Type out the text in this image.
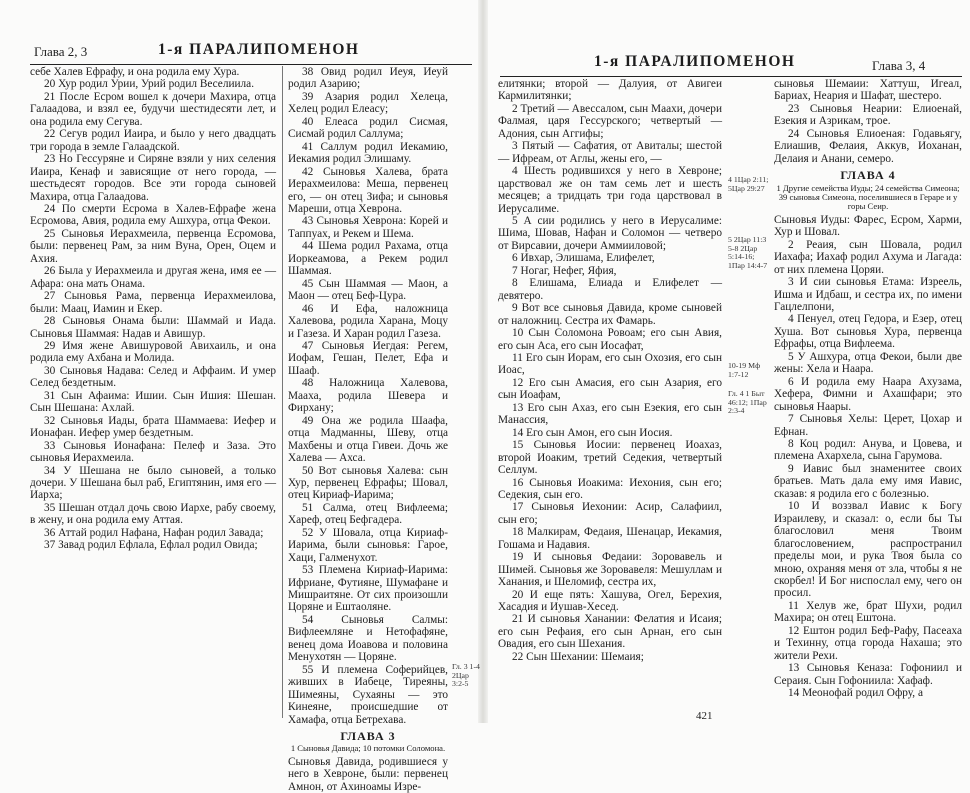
Глава 2, 3	1-я ПАРАЛИПОМЕНОН

себе Халев Ефрафу, и она родила ему Хура.

20 Хур родил Урии, Урий родил Веселиила.

21 После Есром вошел к дочери Махира, отца Галаадова, и взял ее, будучи шестидесяти лет, и она родила ему Сегува.

22 Сегув родил Иаира, и было у него двадцать три города в земле Галаадской.

23 Но Гессуряне и Сиряне взяли у них селения Иаира, Кенаф и зависящие от него города, — шестьдесят городов. Все эти города сыновей Махира, отца Галаадова.

24 По смерти Есрома в Халев-Ефрафе жена Есромова, Авия, родила ему Ашхура, отца Фекои.

25 Сыновья Иерахмеила, первенца Есромова, были: первенец Рам, за ним Вуна, Орен, Оцем и Ахия.

26 Была у Иерахмеила и другая жена, имя ее — Афара: она мать Онама.

27 Сыновья Рама, первенца Иерахмеилова, были: Маац, Иамин и Екер.

28 Сыновья Онама были: Шаммай и Иада. Сыновья Шаммая: Надав и Авишур.

29 Имя жене Авишуровой Авихаиль, и она родила ему Ахбана и Молида.

30 Сыновья Надава: Селед и Аффаим. И умер Селед бездетным.

31 Сын Афаима: Ишии. Сын Ишия: Шешан. Сын Шешана: Ахлай.

32 Сыновья Иады, брата Шаммаева: Иефер и Ионафан. Иефер умер бездетным.

33 Сыновья Ионафана: Пелеф и Заза. Это сыновья Иерахмеила.

34 У Шешана не было сыновей, а только дочери. У Шешана был раб, Египтянин, имя его — Иарха;

35 Шешан отдал дочь свою Иархе, рабу своему, в жену, и она родила ему Аттая.

36 Аттай родил Нафана, Нафан родил Завада;

37 Завад родил Ефлала, Ефлал родил Овида;

38 Овид родил Иеуя, Иеуй родил Азарию;

39 Азария родил Хелеца, Хелец родил Елеасу;

40 Елеаса родил Сисмая, Сисмай родил Саллума;

41 Саллум родил Иекамию, Иекамия родил Элишаму.

42 Сыновья Халева, брата Иерахмеилова: Меша, первенец его, — он отец Зифа; и сыновья Мареши, отца Хеврона.

43 Сыновья Хеврона: Корей и Таппуах, и Рекем и Шема.

44 Шема родил Рахама, отца Иоркеамова, а Рекем родил Шаммая.

45 Сын Шаммая — Маон, а Маон — отец Беф-Цура.

46 И Ефа, наложница Халевова, родила Харана, Моцу и Газеза. И Харан родил Газеза.

47 Сыновья Иегдая: Регем, Иофам, Гешан, Пелет, Ефа и Шааф.

48 Наложница Халевова, Мааха, родила Шевера и Фирхану;

49 Она же родила Шаафа, отца Мадманны, Шеву, отца Махбены и отца Гивеи. Дочь же Халева — Ахса.

50 Вот сыновья Халева: сын Хур, первенец Ефрафы; Шовал, отец Кириаф-Иарима;

51 Салма, отец Вифлеема; Хареф, отец Бефгадера.

52 У Шовала, отца Кириаф-Иарима, были сыновья: Гарое, Хаци, Галменухот.

53 Племена Кириаф-Иарима: Ифриане, Футияне, Шумафане и Мишраитяне. От сих произошли Цоряне и Ештаоляне.

54 Сыновья Салмы: Вифлеемляне и Нетофафяне, венец дома Иоавова и половина Менухотян — Цоряне.

55 И племена Соферийцев, живших в Иабеце, Тиреяны, Шимеяны, Сухаяны — это Кинеяне, происшедшие от Хамафа, отца Бетрехава.

ГЛАВА 3

1 Сыновья Давида; 10 потомки Соломона.

Сыновья Давида, родившиеся у него в Хевроне, были: первенец Амнон, от Ахиноамы Изре-

Гл. 3 1-4 2Цар 3:2-5
1-я ПАРАЛИПОМЕНОН	Глава 3, 4

елитянки; второй — Далуия, от Авигеи Кармилитянки;

2 Третий — Авессалом, сын Маахи, дочери Фалмая, царя Гессурского; четвертый — Адония, сын Аггифы;

3 Пятый — Сафатия, от Авиталы; шестой — Ифреам, от Аглы, жены его, —

4 Шесть родившихся у него в Хевроне; царствовал же он там семь лет и шесть месяцев; а тридцать три года царствовал в Иерусалиме.

5 А сии родились у него в Иерусалиме: Шима, Шовав, Нафан и Соломон — четверо от Вирсавии, дочери Аммииловой;

6 Ивхар, Элишама, Елифелет,

7 Ногаг, Нефег, Яфия,

8 Елишама, Елиада и Елифелет — девятеро.

9 Вот все сыновья Давида, кроме сыновей от наложниц. Сестра их Фамарь.

10 Сын Соломона Ровоам; его сын Авия, его сын Аса, его сын Иосафат,

11 Его сын Иорам, его сын Охозия, его сын Иоас,

12 Его сын Амасия, его сын Азария, его сын Иоафам,

13 Его сын Ахаз, его сын Езекия, его сын Манассия,

14 Его сын Амон, его сын Иосия.

15 Сыновья Иосии: первенец Иоахаз, второй Иоаким, третий Седекия, четвертый Селлум.

16 Сыновья Иоакима: Иехония, сын его; Седекия, сын его.

17 Сыновья Иехонии: Асир, Салафиил, сын его;

18 Малкирам, Федаия, Шенацар, Иекамия, Гошама и Надавия.

19 И сыновья Федаии: Зоровавель и Шимей. Сыновья же Зоровавеля: Мешуллам и Ханания, и Шеломиф, сестра их,

20 И еще пять: Хашува, Огел, Берехия, Хасадия и Иушав-Хесед.

21 И сыновья Ханании: Фелатия и Исаия; его сын Рефаия, его сын Арнан, его сын Овадия, его сын Шехания.

22 Сын Шехании: Шемаия;

сыновья Шемаии: Хаттуш, Игеал, Бариах, Неария и Шафат, шестеро.

23 Сыновья Неарии: Елиоенай, Езекия и Азрикам, трое.

24 Сыновья Елиоеная: Годавьягу, Елиашив, Фелаия, Аккув, Иоханан, Делаия и Анани, семеро.

ГЛАВА 4

1 Другие семейства Иуды; 24 семейства Симеона; 39 сыновья Симеона, поселившиеся в Гераре и у горы Сеир.

Сыновья Иуды: Фарес, Есром, Харми, Хур и Шовал.

2 Реаия, сын Шовала, родил Иахафа; Иахаф родил Ахума и Лагада: от них племена Цоряи.

3 И сии сыновья Етама: Изреель, Ишма и Идбаш, и сестра их, по имени Гацлелпони,

4 Пенуел, отец Гедора, и Езер, отец Хуша. Вот сыновья Хура, первенца Ефрафы, отца Вифлеема.

5 У Ашхура, отца Фекои, были две жены: Хела и Наара.

6 И родила ему Наара Ахузама, Хефера, Фимни и Ахашфари; это сыновья Наары.

7 Сыновья Хелы: Церет, Цохар и Ефнан.

8 Коц родил: Анува, и Цовева, и племена Ахархела, сына Гарумова.

9 Иавис был знаменитее своих братьев. Мать дала ему имя Иавис, сказав: я родила его с болезнью.

10 И воззвал Иавис к Богу Израилеву, и сказал: о, если бы Ты благословил меня Твоим благословением, распространил пределы мои, и рука Твоя была со мною, охраняя меня от зла, чтобы я не скорбел! И Бог ниспослал ему, чего он просил.

11 Хелув же, брат Шухи, родил Махира; он отец Ештона.

12 Ештон родил Беф-Рафу, Пасеаха и Техинну, отца города Нахаша; это жители Рехи.

13 Сыновья Кеназа: Гофониил и Сераия. Сын Гофониила: Хафаф.

14 Меонофай родил Офру, а

4 1Цар 2:11; 5Цар 29:27
5 2Цар 11:3 5-8 2Цар 5:14-16; 1Пар 14:4-7
10-19 Мф 1:7-12
Гл. 4 1 Быт 46:12; 1Пар 2:3-4
421
